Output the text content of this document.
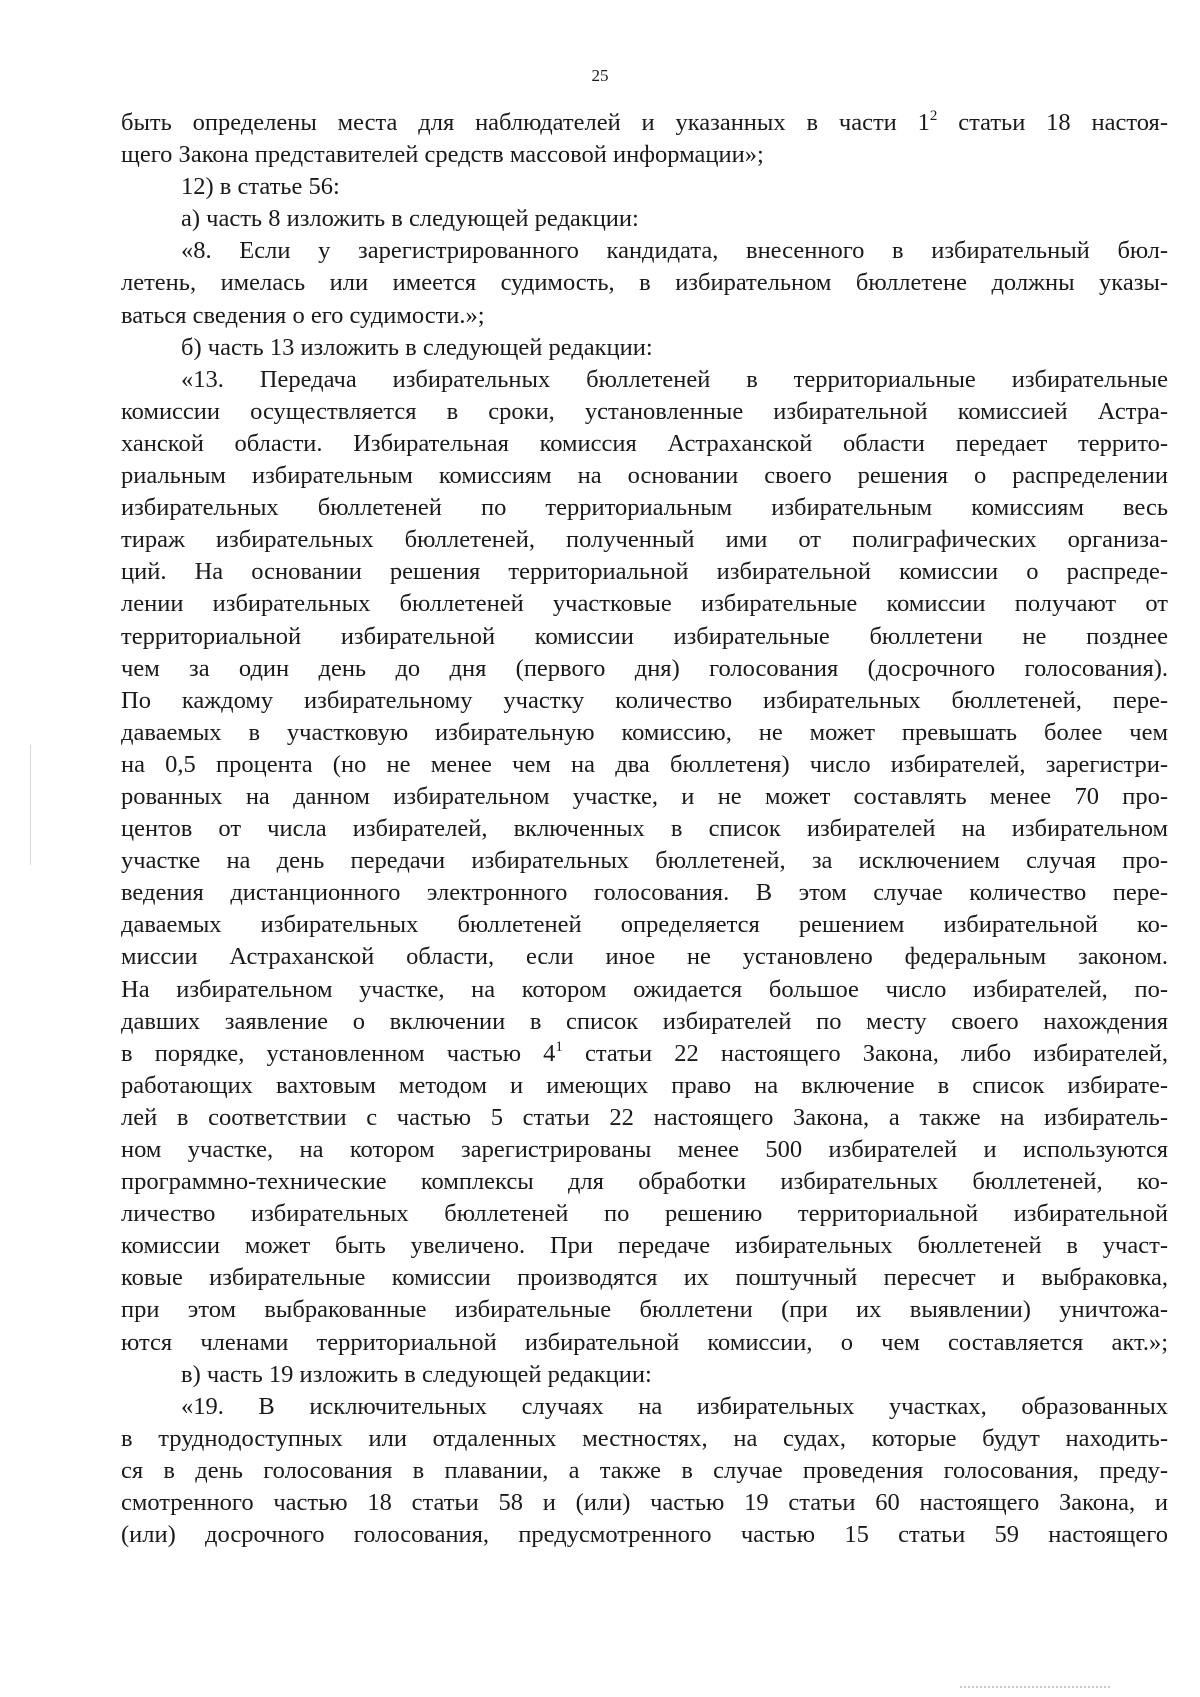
25
быть определены места для наблюдателей и указанных в части $1^2$ статьи 18 настоя-
щего Закона представителей средств массовой информации»;
12) в статье 56:
а) часть 8 изложить в следующей редакции:
«8. Если у зарегистрированного кандидата, внесенного в избирательный бюл-
летень, имелась или имеется судимость, в избирательном бюллетене должны указы-
ваться сведения о его судимости.»;
б) часть 13 изложить в следующей редакции:
«13. Передача избирательных бюллетеней в территориальные избирательные
комиссии осуществляется в сроки, установленные избирательной комиссией Астра-
ханской области. Избирательная комиссия Астраханской области передает террито-
риальным избирательным комиссиям на основании своего решения о распределении
избирательных бюллетеней по территориальным избирательным комиссиям весь
тираж избирательных бюллетеней, полученный ими от полиграфических организа-
ций. На основании решения территориальной избирательной комиссии о распреде-
лении избирательных бюллетеней участковые избирательные комиссии получают от
территориальной избирательной комиссии избирательные бюллетени не позднее
чем за один день до дня (первого дня) голосования (досрочного голосования).
По каждому избирательному участку количество избирательных бюллетеней, пере-
даваемых в участковую избирательную комиссию, не может превышать более чем
на 0,5 процента (но не менее чем на два бюллетеня) число избирателей, зарегистри-
рованных на данном избирательном участке, и не может составлять менее 70 про-
центов от числа избирателей, включенных в список избирателей на избирательном
участке на день передачи избирательных бюллетеней, за исключением случая про-
ведения дистанционного электронного голосования. В этом случае количество пере-
даваемых избирательных бюллетеней определяется решением избирательной ко-
миссии Астраханской области, если иное не установлено федеральным законом.
На избирательном участке, на котором ожидается большое число избирателей, по-
давших заявление о включении в список избирателей по месту своего нахождения
в порядке, установленном частью $4^1$ статьи 22 настоящего Закона, либо избирателей,
работающих вахтовым методом и имеющих право на включение в список избирате-
лей в соответствии с частью 5 статьи 22 настоящего Закона, а также на избиратель-
ном участке, на котором зарегистрированы менее 500 избирателей и используются
программно-технические комплексы для обработки избирательных бюллетеней, ко-
личество избирательных бюллетеней по решению территориальной избирательной
комиссии может быть увеличено. При передаче избирательных бюллетеней в участ-
ковые избирательные комиссии производятся их поштучный пересчет и выбраковка,
при этом выбракованные избирательные бюллетени (при их выявлении) уничтожа-
ются членами территориальной избирательной комиссии, о чем составляется акт.»;
в) часть 19 изложить в следующей редакции:
«19. В исключительных случаях на избирательных участках, образованных
в труднодоступных или отдаленных местностях, на судах, которые будут находить-
ся в день голосования в плавании, а также в случае проведения голосования, преду-
смотренного частью 18 статьи 58 и (или) частью 19 статьи 60 настоящего Закона, и
(или) досрочного голосования, предусмотренного частью 15 статьи 59 настоящего
